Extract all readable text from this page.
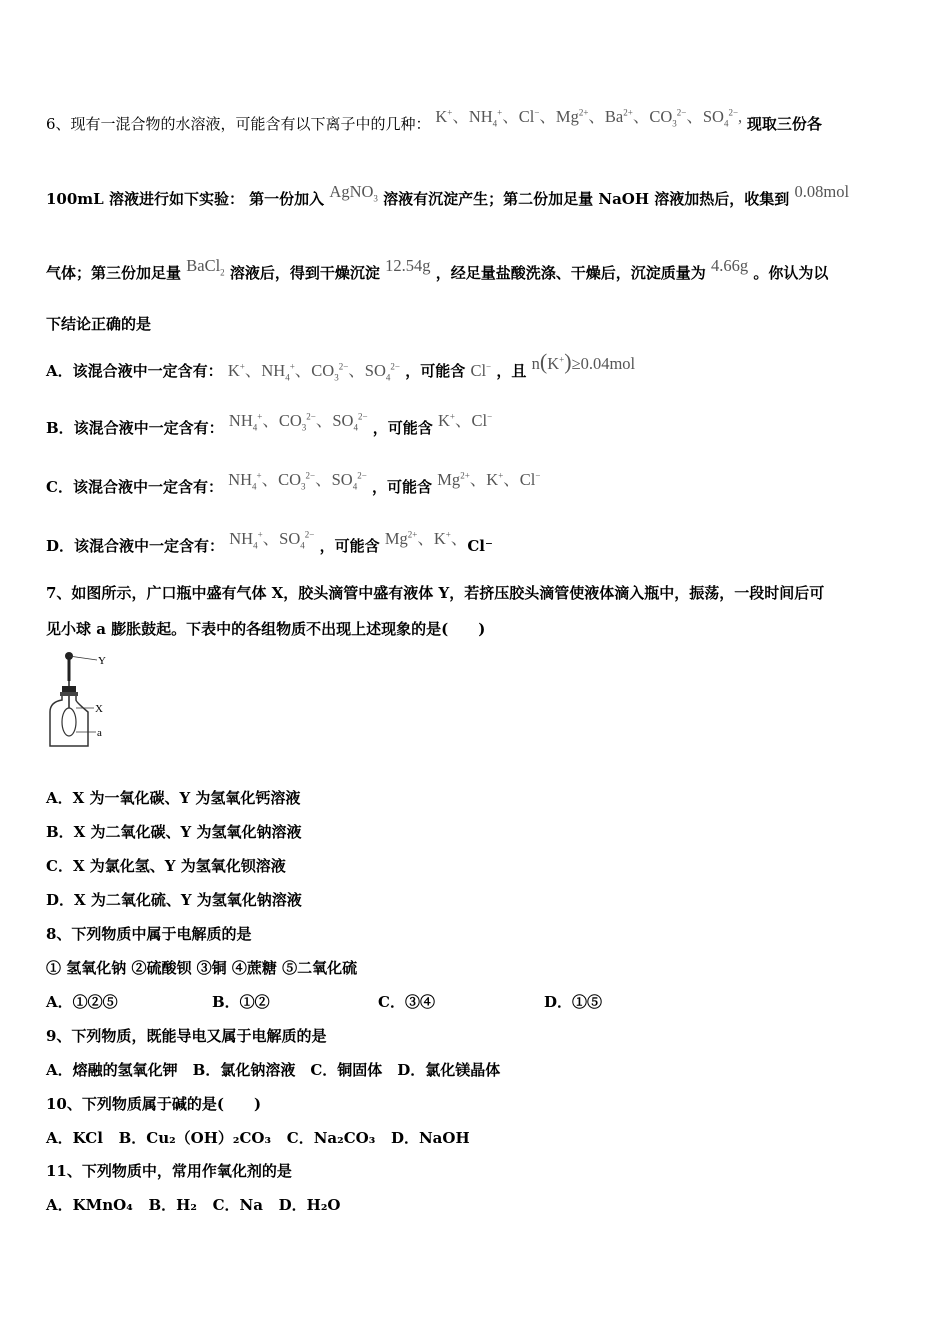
6、现有一混合物的水溶液，可能含有以下离子中的几种： K+、$NH_4^+$、Cl−、$Mg^{2+}$、$Ba^{2+}$、$CO_3^{2-}$、$SO_4^{2-}$, 现取三份各
100mL 溶液进行如下实验： 第一份加入 AgNO$_3$ 溶液有沉淀产生；第二份加足量 NaOH 溶液加热后，收集到 0.08mol
气体；第三份加足量 BaCl$_2$ 溶液后，得到干燥沉淀 12.54g ，经足量盐酸洗涤、干燥后，沉淀质量为 4.66g 。你认为以
下结论正确的是
A．该混合液中一定含有： K+、$NH_4^+$、$CO_3^{2-}$、$SO_4^{2-}$ ，可能含 Cl− ，且 n(K+)≥0.04mol
B．该混合液中一定含有： $NH_4^+$、$CO_3^{2-}$、$SO_4^{2-}$ ，可能含 K+、Cl−
C．该混合液中一定含有： $NH_4^+$、$CO_3^{2-}$、$SO_4^{2-}$ ，可能含 $Mg^{2+}$、K+、Cl−
D．该混合液中一定含有： $NH_4^+$、$SO_4^{2-}$ ，可能含 $Mg^{2+}$、K+、Cl⁻
7、如图所示，广口瓶中盛有气体 X，胶头滴管中盛有液体 Y，若挤压胶头滴管使液体滴入瓶中，振荡，一段时间后可
见小球 a 膨胀鼓起。下表中的各组物质不出现上述现象的是(　　)
Y
X
a
A．X 为一氧化碳、Y 为氢氧化钙溶液
B．X 为二氧化碳、Y 为氢氧化钠溶液
C．X 为氯化氢、Y 为氢氧化钡溶液
D．X 为二氧化硫、Y 为氢氧化钠溶液
8、下列物质中属于电解质的是
① 氢氧化钠 ②硫酸钡 ③铜 ④蔗糖 ⑤二氧化硫
A．①②⑤	B．①②	C．③④	D．①⑤
9、下列物质，既能导电又属于电解质的是
A．熔融的氢氧化钾　B．氯化钠溶液　C．铜固体　D．氯化镁晶体
10、下列物质属于碱的是(　　)
A．KCl B．Cu₂（OH）₂CO₃ C．Na₂CO₃ D．NaOH
11、下列物质中，常用作氧化剂的是
A．KMnO₄ B．H₂ C．Na D．H₂O
